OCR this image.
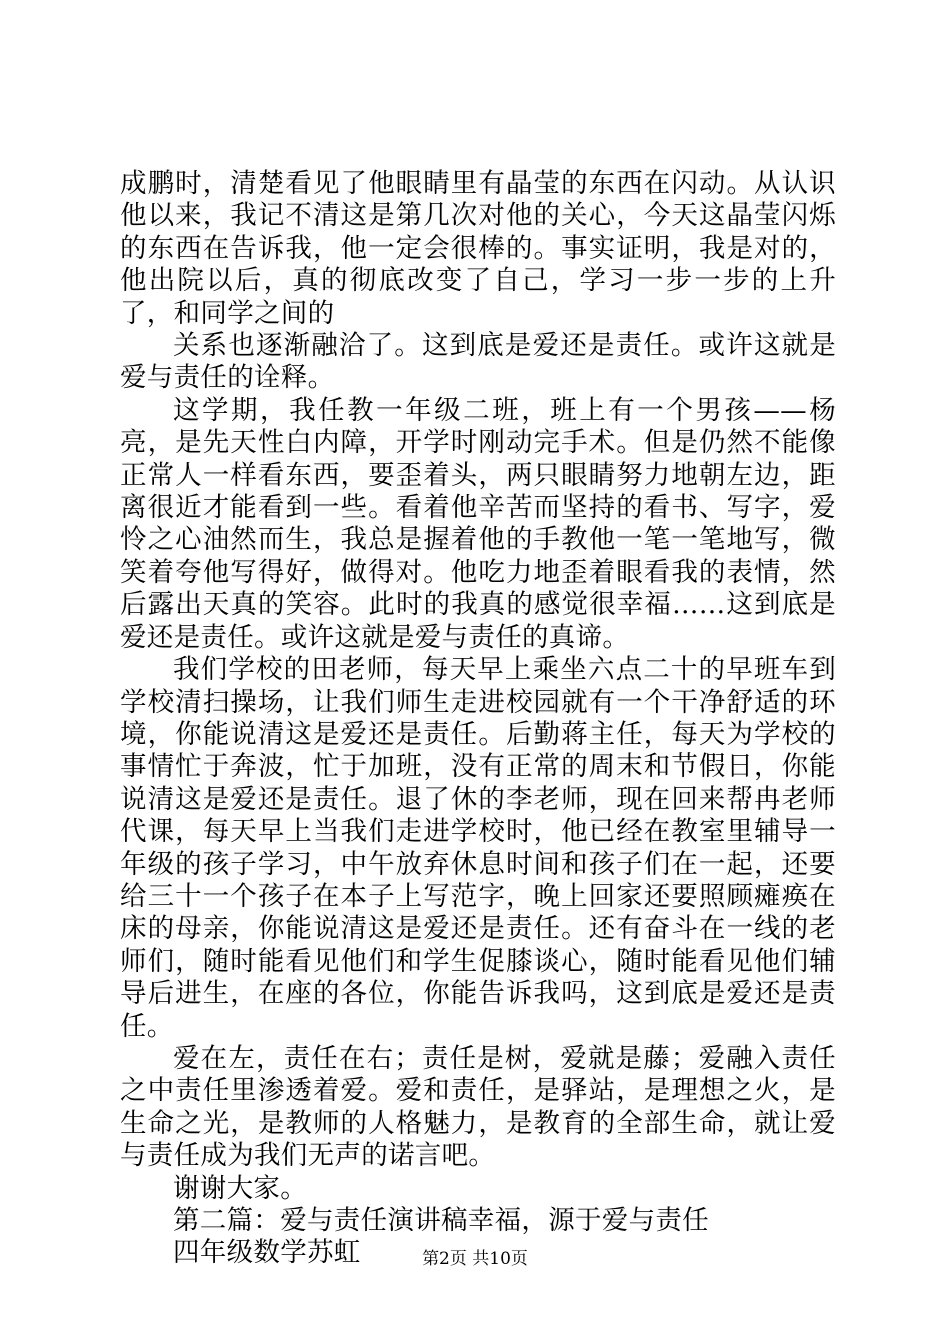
成鹏时，清楚看见了他眼睛里有晶莹的东西在闪动。从认识他以来，我记不清这是第几次对他的关心，今天这晶莹闪烁的东西在告诉我，他一定会很棒的。事实证明，我是对的，他出院以后，真的彻底改变了自己，学习一步一步的上升了，和同学之间的

关系也逐渐融洽了。这到底是爱还是责任。或许这就是爱与责任的诠释。

这学期，我任教一年级二班，班上有一个男孩——杨亮，是先天性白内障，开学时刚动完手术。但是仍然不能像正常人一样看东西，要歪着头，两只眼睛努力地朝左边，距离很近才能看到一些。看着他辛苦而坚持的看书、写字，爱怜之心油然而生，我总是握着他的手教他一笔一笔地写，微笑着夸他写得好，做得对。他吃力地歪着眼看我的表情，然后露出天真的笑容。此时的我真的感觉很幸福……这到底是爱还是责任。或许这就是爱与责任的真谛。

我们学校的田老师，每天早上乘坐六点二十的早班车到学校清扫操场，让我们师生走进校园就有一个干净舒适的环境，你能说清这是爱还是责任。后勤蒋主任，每天为学校的事情忙于奔波，忙于加班，没有正常的周末和节假日，你能说清这是爱还是责任。退了休的李老师，现在回来帮冉老师代课，每天早上当我们走进学校时，他已经在教室里辅导一年级的孩子学习，中午放弃休息时间和孩子们在一起，还要给三十一个孩子在本子上写范字，晚上回家还要照顾瘫痪在床的母亲，你能说清这是爱还是责任。还有奋斗在一线的老师们，随时能看见他们和学生促膝谈心，随时能看见他们辅导后进生，在座的各位，你能告诉我吗，这到底是爱还是责任。

爱在左，责任在右；责任是树，爱就是藤；爱融入责任之中责任里渗透着爱。爱和责任，是驿站，是理想之火，是生命之光，是教师的人格魅力，是教育的全部生命，就让爱与责任成为我们无声的诺言吧。

谢谢大家。

第二篇：爱与责任演讲稿幸福，源于爱与责任

四年级数学苏虹	第2页 共10页
